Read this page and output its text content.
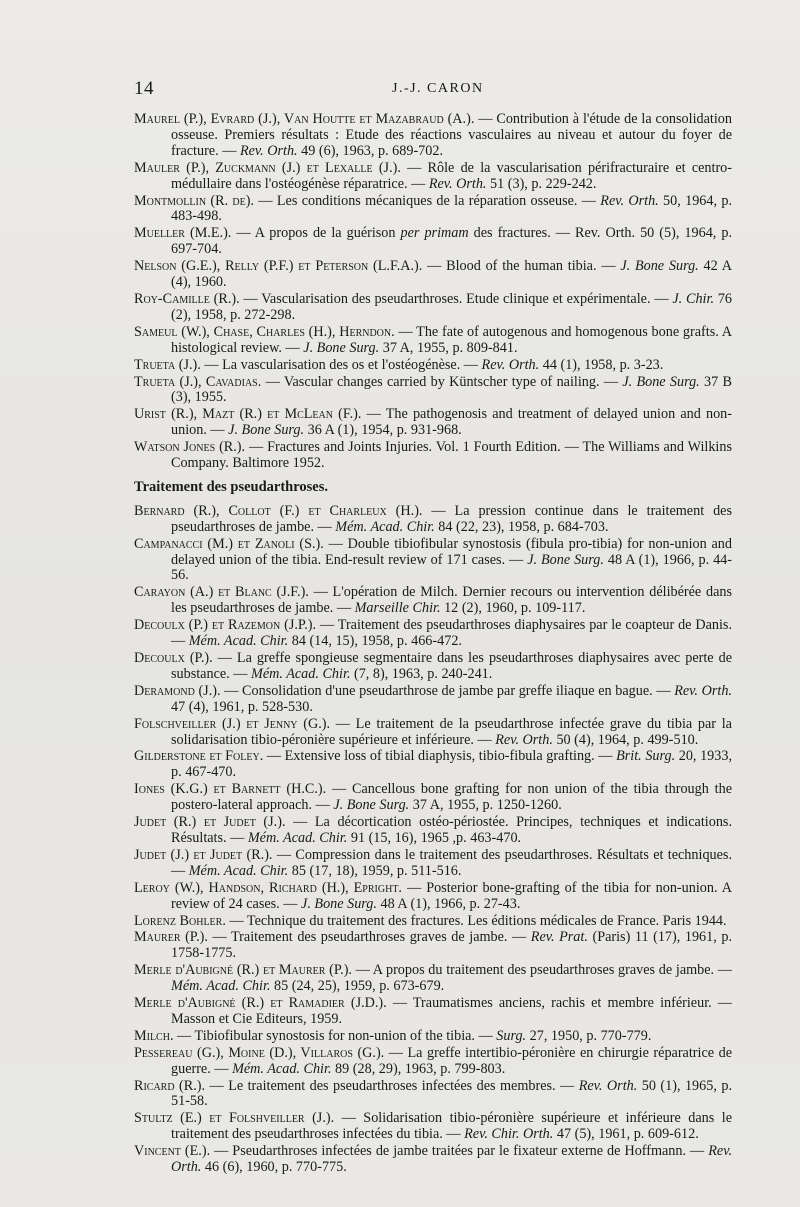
14	J.-J. CARON

Maurel (P.), Evrard (J.), Van Houtte et Mazabraud (A.). — Contribution à l'étude de la consolidation osseuse. Premiers résultats : Etude des réactions vasculaires au niveau et autour du foyer de fracture. — Rev. Orth. 49 (6), 1963, p. 689-702.

Mauler (P.), Zuckmann (J.) et Lexalle (J.). — Rôle de la vascularisation périfracturaire et centro-médullaire dans l'ostéogénèse réparatrice. — Rev. Orth. 51 (3), p. 229-242.

Montmollin (R. de). — Les conditions mécaniques de la réparation osseuse. — Rev. Orth. 50, 1964, p. 483-498.

Mueller (M.E.). — A propos de la guérison per primam des fractures. — Rev. Orth. 50 (5), 1964, p. 697-704.

Nelson (G.E.), Relly (P.F.) et Peterson (L.F.A.). — Blood of the human tibia. — J. Bone Surg. 42 A (4), 1960.

Roy-Camille (R.). — Vascularisation des pseudarthroses. Etude clinique et expérimentale. — J. Chir. 76 (2), 1958, p. 272-298.

Sameul (W.), Chase, Charles (H.), Herndon. — The fate of autogenous and homogenous bone grafts. A histological review. — J. Bone Surg. 37 A, 1955, p. 809-841.

Trueta (J.). — La vascularisation des os et l'ostéogénèse. — Rev. Orth. 44 (1), 1958, p. 3-23.

Trueta (J.), Cavadias. — Vascular changes carried by Küntscher type of nailing. — J. Bone Surg. 37 B (3), 1955.

Urist (R.), Mazt (R.) et McLean (F.). — The pathogenosis and treatment of delayed union and non-union. — J. Bone Surg. 36 A (1), 1954, p. 931-968.

Watson Jones (R.). — Fractures and Joints Injuries. Vol. 1 Fourth Edition. — The Williams and Wilkins Company. Baltimore 1952.

Traitement des pseudarthroses.

Bernard (R.), Collot (F.) et Charleux (H.). — La pression continue dans le traitement des pseudarthroses de jambe. — Mém. Acad. Chir. 84 (22, 23), 1958, p. 684-703.

Campanacci (M.) et Zanoli (S.). — Double tibiofibular synostosis (fibula pro-tibia) for non-union and delayed union of the tibia. End-result review of 171 cases. — J. Bone Surg. 48 A (1), 1966, p. 44-56.

Carayon (A.) et Blanc (J.F.). — L'opération de Milch. Dernier recours ou intervention délibérée dans les pseudarthroses de jambe. — Marseille Chir. 12 (2), 1960, p. 109-117.

Decoulx (P.) et Razemon (J.P.). — Traitement des pseudarthroses diaphysaires par le coapteur de Danis. — Mém. Acad. Chir. 84 (14, 15), 1958, p. 466-472.

Decoulx (P.). — La greffe spongieuse segmentaire dans les pseudarthroses diaphysaires avec perte de substance. — Mém. Acad. Chir. (7, 8), 1963, p. 240-241.

Deramond (J.). — Consolidation d'une pseudarthrose de jambe par greffe iliaque en bague. — Rev. Orth. 47 (4), 1961, p. 528-530.

Folschveiller (J.) et Jenny (G.). — Le traitement de la pseudarthrose infectée grave du tibia par la solidarisation tibio-péronière supérieure et inférieure. — Rev. Orth. 50 (4), 1964, p. 499-510.

Gilderstone et Foley. — Extensive loss of tibial diaphysis, tibio-fibula grafting. — Brit. Surg. 20, 1933, p. 467-470.

Iones (K.G.) et Barnett (H.C.). — Cancellous bone grafting for non union of the tibia through the postero-lateral approach. — J. Bone Surg. 37 A, 1955, p. 1250-1260.

Judet (R.) et Judet (J.). — La décortication ostéo-périostée. Principes, techniques et indications. Résultats. — Mém. Acad. Chir. 91 (15, 16), 1965 ,p. 463-470.

Judet (J.) et Judet (R.). — Compression dans le traitement des pseudarthroses. Résultats et techniques. — Mém. Acad. Chir. 85 (17, 18), 1959, p. 511-516.

Leroy (W.), Handson, Richard (H.), Epright. — Posterior bone-grafting of the tibia for non-union. A review of 24 cases. — J. Bone Surg. 48 A (1), 1966, p. 27-43.

Lorenz Bohler. — Technique du traitement des fractures. Les éditions médicales de France. Paris 1944.

Maurer (P.). — Traitement des pseudarthroses graves de jambe. — Rev. Prat. (Paris) 11 (17), 1961, p. 1758-1775.

Merle d'Aubigné (R.) et Maurer (P.). — A propos du traitement des pseudarthroses graves de jambe. — Mém. Acad. Chir. 85 (24, 25), 1959, p. 673-679.

Merle d'Aubigné (R.) et Ramadier (J.D.). — Traumatismes anciens, rachis et membre inférieur. — Masson et Cie Editeurs, 1959.

Milch. — Tibiofibular synostosis for non-union of the tibia. — Surg. 27, 1950, p. 770-779.

Pessereau (G.), Moine (D.), Villaros (G.). — La greffe intertibio-péronière en chirurgie réparatrice de guerre. — Mém. Acad. Chir. 89 (28, 29), 1963, p. 799-803.

Ricard (R.). — Le traitement des pseudarthroses infectées des membres. — Rev. Orth. 50 (1), 1965, p. 51-58.

Stultz (E.) et Folshveiller (J.). — Solidarisation tibio-péronière supérieure et inférieure dans le traitement des pseudarthroses infectées du tibia. — Rev. Chir. Orth. 47 (5), 1961, p. 609-612.

Vincent (E.). — Pseudarthroses infectées de jambe traitées par le fixateur externe de Hoffmann. — Rev. Orth. 46 (6), 1960, p. 770-775.
